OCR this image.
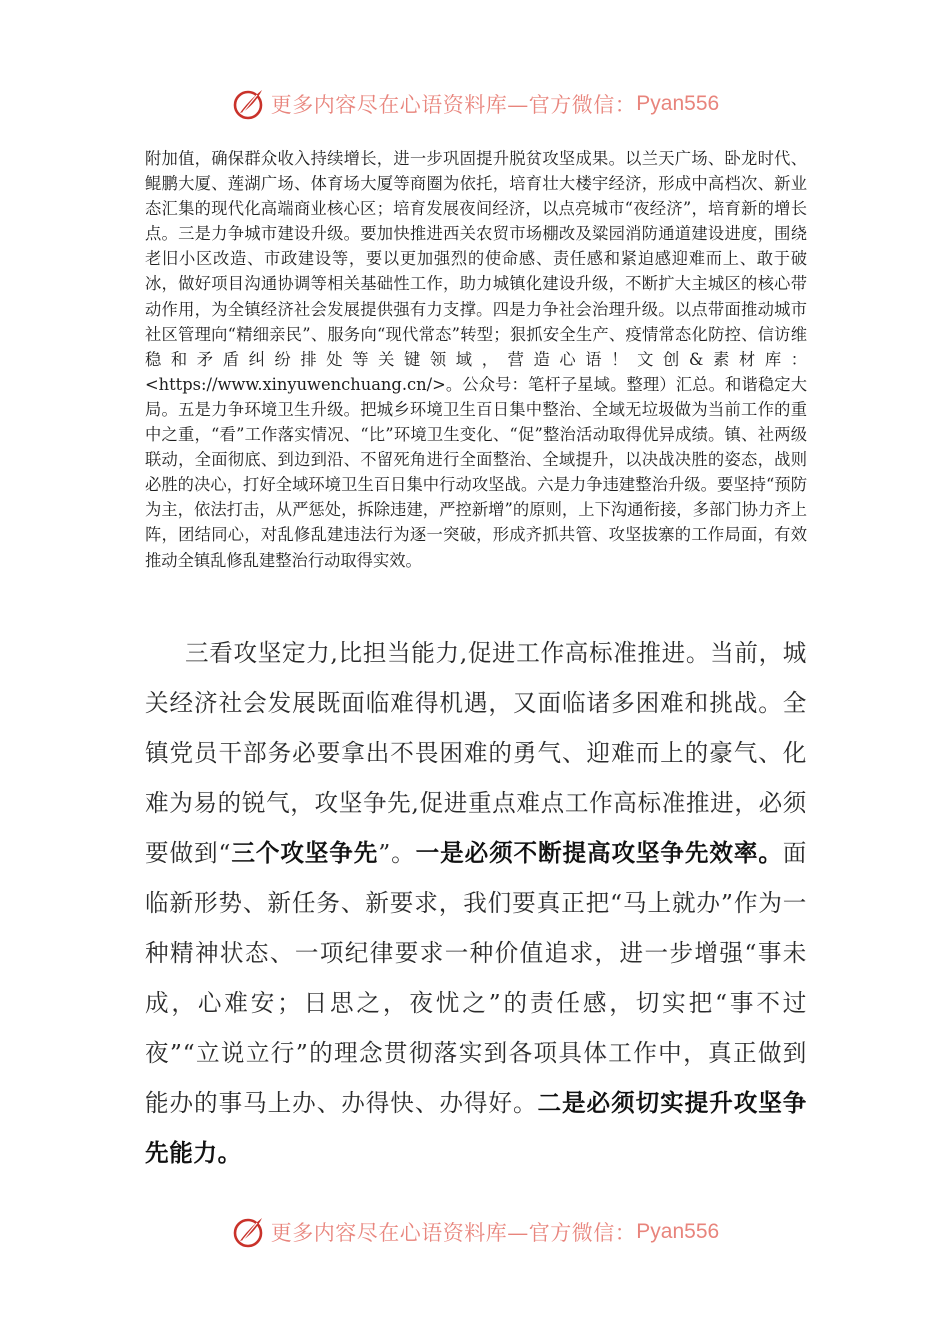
更多内容尽在心语资料库—官方微信： Pyan556

附加值，确保群众收入持续增长，进一步巩固提升脱贫攻坚成果。以兰天广场、卧龙时代、鲲鹏大厦、莲湖广场、体育场大厦等商圈为依托，培育壮大楼宇经济，形成中高档次、新业态汇集的现代化高端商业核心区；培育发展夜间经济，以点亮城市“夜经济”，培育新的增长点。三是力争城市建设升级。要加快推进西关农贸市场棚改及粱园消防通道建设进度，围绕老旧小区改造、市政建设等，要以更加强烈的使命感、责任感和紧迫感迎难而上、敢于破冰，做好项目沟通协调等相关基础性工作，助力城镇化建设升级，不断扩大主城区的核心带动作用，为全镇经济社会发展提供强有力支撑。四是力争社会治理升级。以点带面推动城市社区管理向“精细亲民”、服务向“现代常态”转型；狠抓安全生产、疫情常态化防控、信访维稳和矛盾纠纷排处等关键领域，营造心语！文创&素材库：<https://www.xinyuwenchuang.cn/>。公众号：笔杆子星域。整理）汇总。和谐稳定大局。五是力争环境卫生升级。把城乡环境卫生百日集中整治、全域无垃圾做为当前工作的重中之重，“看”工作落实情况、“比”环境卫生变化、“促”整治活动取得优异成绩。镇、社两级联动，全面彻底、到边到沿、不留死角进行全面整治、全域提升，以决战决胜的姿态，战则必胜的决心，打好全域环境卫生百日集中行动攻坚战。六是力争违建整治升级。要坚持“预防为主，依法打击，从严惩处，拆除违建，严控新增”的原则，上下沟通衔接，多部门协力齐上阵，团结同心，对乱修乱建违法行为逐一突破，形成齐抓共管、攻坚拔寨的工作局面，有效推动全镇乱修乱建整治行动取得实效。

三看攻坚定力,比担当能力,促进工作高标准推进。当前，城关经济社会发展既面临难得机遇，又面临诸多困难和挑战。全镇党员干部务必要拿出不畏困难的勇气、迎难而上的豪气、化难为易的锐气，攻坚争先,促进重点难点工作高标准推进，必须要做到“三个攻坚争先”。一是必须不断提高攻坚争先效率。面临新形势、新任务、新要求，我们要真正把“马上就办”作为一种精神状态、一项纪律要求一种价值追求，进一步增强“事未成，心难安；日思之，夜忧之”的责任感，切实把“事不过夜”“立说立行”的理念贯彻落实到各项具体工作中，真正做到能办的事马上办、办得快、办得好。二是必须切实提升攻坚争先能力。

更多内容尽在心语资料库—官方微信： Pyan556
